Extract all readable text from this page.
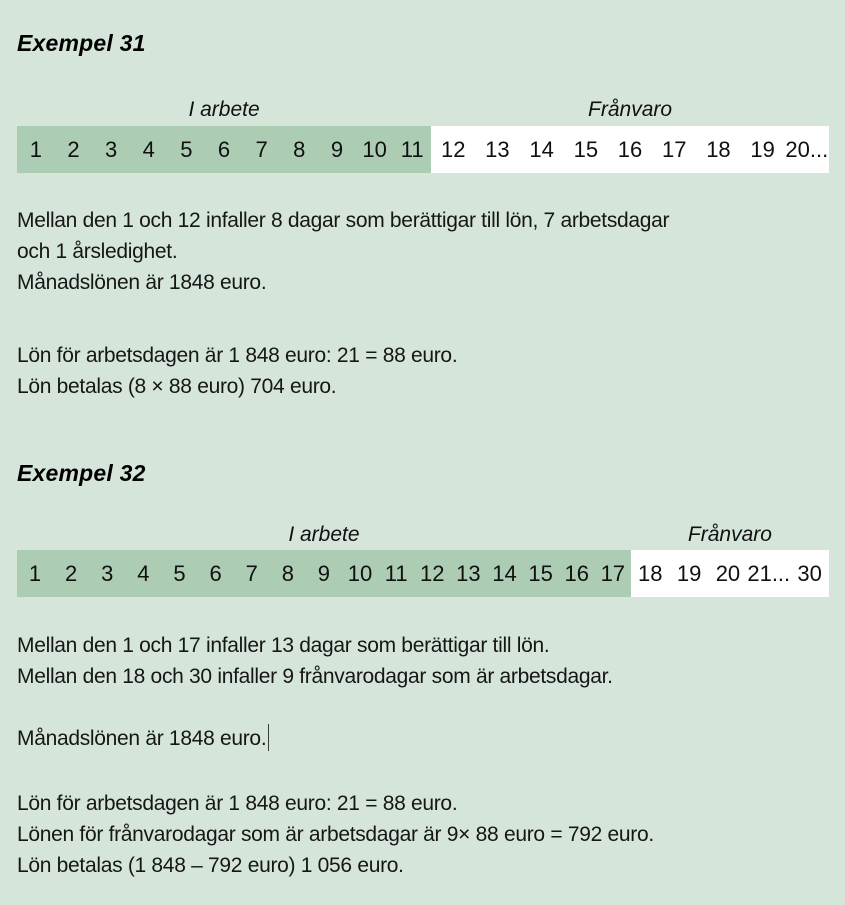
Exempel 31
I arbete	Frånvaro
1	2	3	4	5	6	7	8	9 10 11 12 13 14 15 16 17 18 19 20...

Mellan den 1 och 12 infaller 8 dagar som berättigar till lön, 7 arbetsdagar
och 1 årsledighet.
Månadslönen är 1848 euro.

Lön för arbetsdagen är 1 848 euro: 21 = 88 euro.
Lön betalas (8 × 88 euro) 704 euro.

Exempel 32
I arbete	Frånvaro
1	2	3	4	5	6	7	8	9 10 11 12 13 14 15 16 17 18 19 20 21... 30

Mellan den 1 och 17 infaller 13 dagar som berättigar till lön.
Mellan den 18 och 30 infaller 9 frånvarodagar som är arbetsdagar.

Månadslönen är 1848 euro.

Lön för arbetsdagen är 1 848 euro: 21 = 88 euro.
Lönen för frånvarodagar som är arbetsdagar är 9× 88 euro = 792 euro.
Lön betalas (1 848 – 792 euro) 1 056 euro.
